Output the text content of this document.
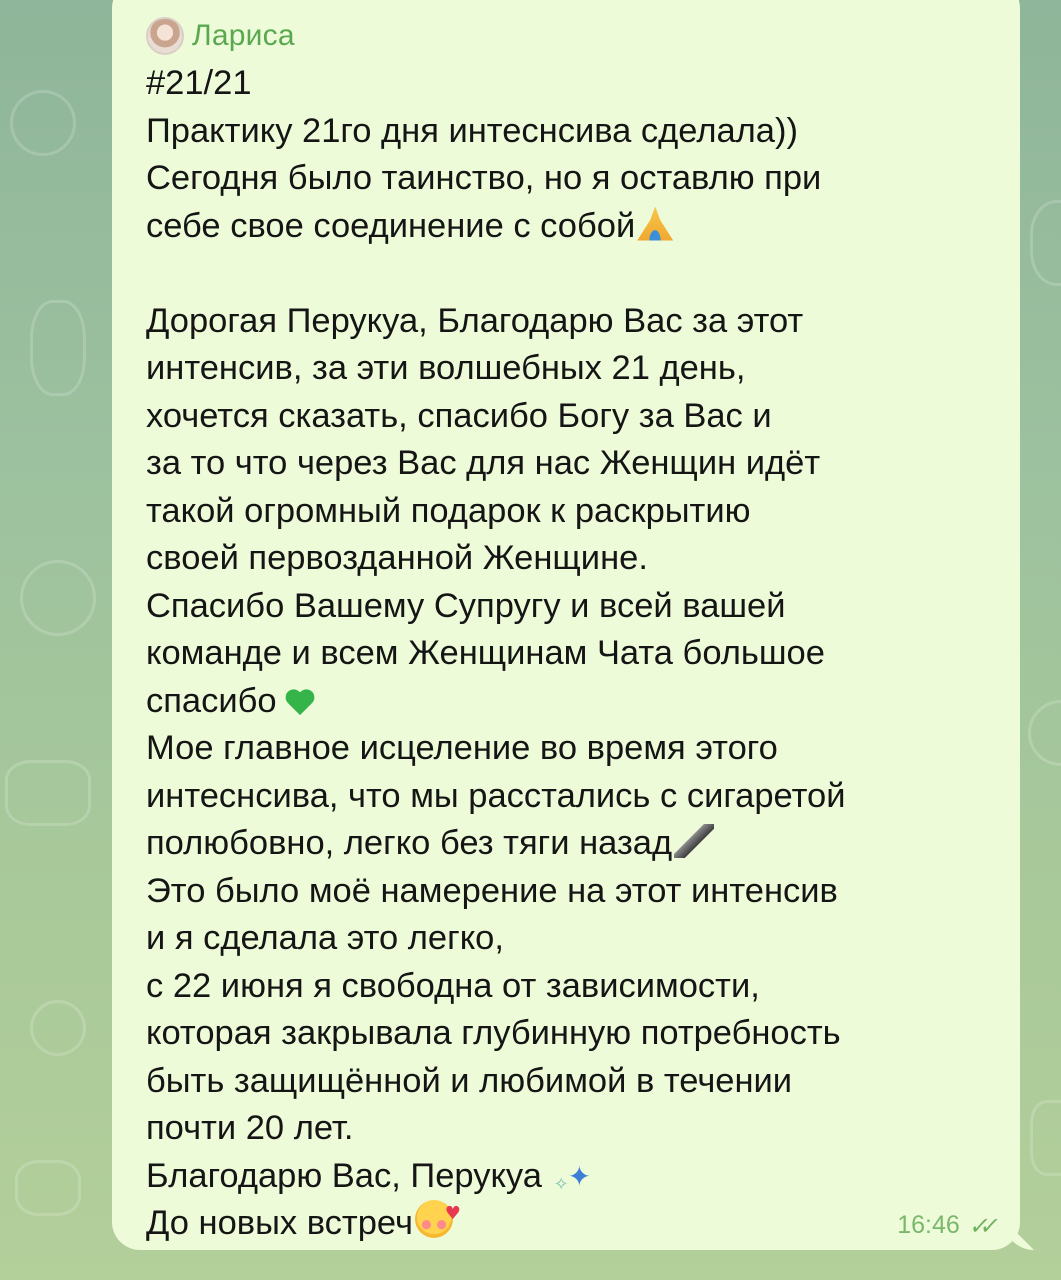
Лариса
#21/21
Практику 21го дня интеснсива сделала))
Сегодня было таинство, но я оставлю при
себе свое соединение с собой
Дорогая Перукуа, Благодарю Вас за этот
интенсив, за эти волшебных 21 день,
хочется сказать, спасибо Богу за Вас и
за то что через Вас для нас Женщин идёт
такой огромный подарок к раскрытию
своей первозданной Женщине.
Спасибо Вашему Супругу и всей вашей
команде и всем Женщинам Чата большое
спасибо
Мое главное исцеление во время этого
интеснсива, что мы расстались с сигаретой
полюбовно, легко без тяги назад
Это было моё намерение на этот интенсив
и я сделала это легко,
с 22 июня я свободна от зависимости,
которая закрывала глубинную потребность
быть защищённой и любимой в течении
почти 20 лет.
Благодарю Вас, Перукуа ✦ ✧
До новых встреч♥	16:46 ✓✓
